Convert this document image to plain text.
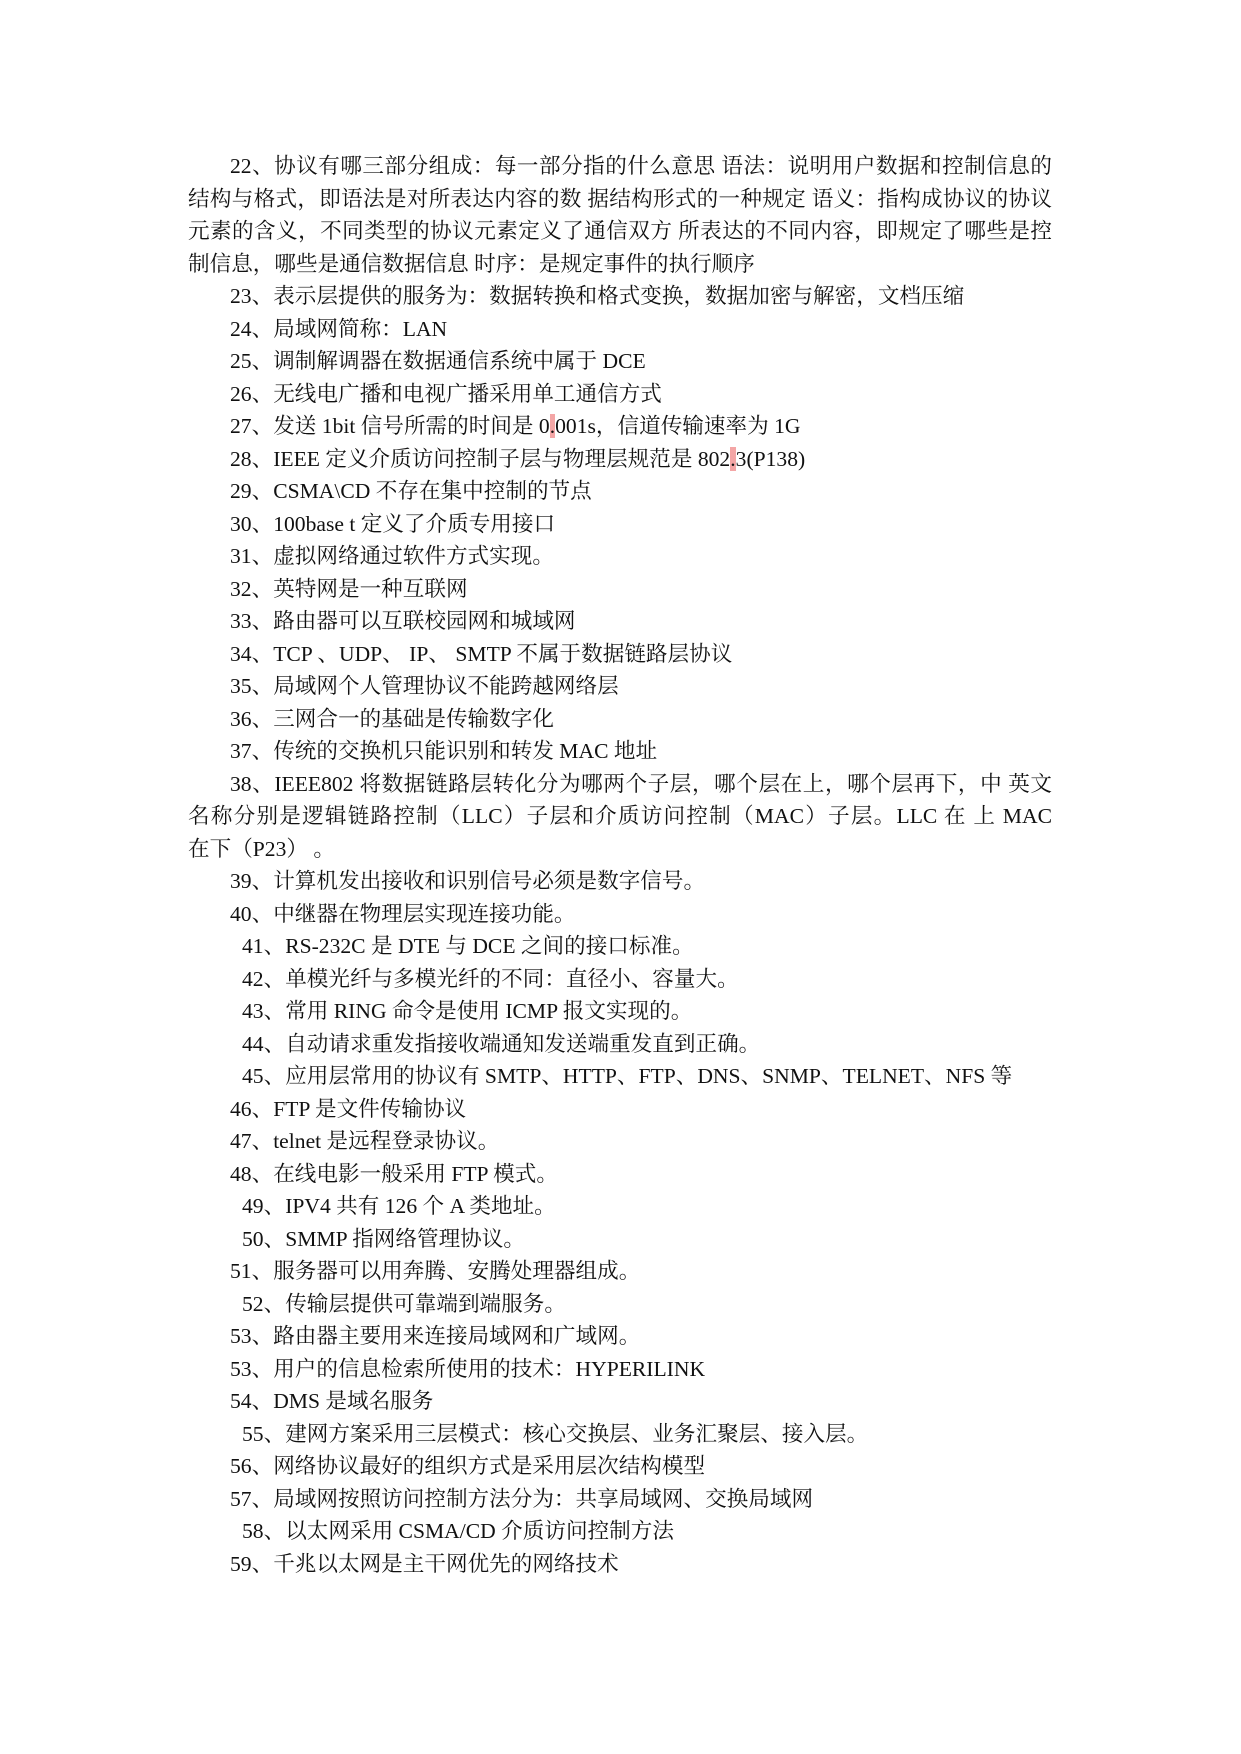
22、协议有哪三部分组成：每一部分指的什么意思 语法：说明用户数据和控制信息的
结构与格式，即语法是对所表达内容的数 据结构形式的一种规定 语义：指构成协议的协议
元素的含义，不同类型的协议元素定义了通信双方 所表达的不同内容，即规定了哪些是控
制信息，哪些是通信数据信息 时序：是规定事件的执行顺序
23、表示层提供的服务为：数据转换和格式变换，数据加密与解密，文档压缩
24、局域网简称：LAN
25、调制解调器在数据通信系统中属于 DCE
26、无线电广播和电视广播采用单工通信方式
27、发送 1bit 信号所需的时间是 0.001s，信道传输速率为 1G
28、IEEE 定义介质访问控制子层与物理层规范是 802.3(P138)
29、CSMA\CD 不存在集中控制的节点
30、100base t 定义了介质专用接口
31、虚拟网络通过软件方式实现。
32、英特网是一种互联网
33、路由器可以互联校园网和城域网
34、TCP 、UDP、 IP、 SMTP 不属于数据链路层协议
35、局域网个人管理协议不能跨越网络层
36、三网合一的基础是传输数字化
37、传统的交换机只能识别和转发 MAC 地址
38、IEEE802 将数据链路层转化分为哪两个子层，哪个层在上，哪个层再下，中 英文
名称分别是逻辑链路控制（LLC）子层和介质访问控制（MAC）子层。LLC 在 上 MAC
在下（P23） 。
39、计算机发出接收和识别信号必须是数字信号。
40、中继器在物理层实现连接功能。
41、RS-232C 是 DTE 与 DCE 之间的接口标准。
42、单模光纤与多模光纤的不同：直径小、容量大。
43、常用 RING 命令是使用 ICMP 报文实现的。
44、自动请求重发指接收端通知发送端重发直到正确。
45、应用层常用的协议有 SMTP、HTTP、FTP、DNS、SNMP、TELNET、NFS 等
46、FTP 是文件传输协议
47、telnet 是远程登录协议。
48、在线电影一般采用 FTP 模式。
49、IPV4 共有 126 个 A 类地址。
50、SMMP 指网络管理协议。
51、服务器可以用奔腾、安腾处理器组成。
52、传输层提供可靠端到端服务。
53、路由器主要用来连接局域网和广域网。
53、用户的信息检索所使用的技术：HYPERILINK
54、DMS 是域名服务
55、建网方案采用三层模式：核心交换层、业务汇聚层、接入层。
56、网络协议最好的组织方式是采用层次结构模型
57、局域网按照访问控制方法分为：共享局域网、交换局域网
58、以太网采用 CSMA/CD 介质访问控制方法
59、千兆以太网是主干网优先的网络技术
